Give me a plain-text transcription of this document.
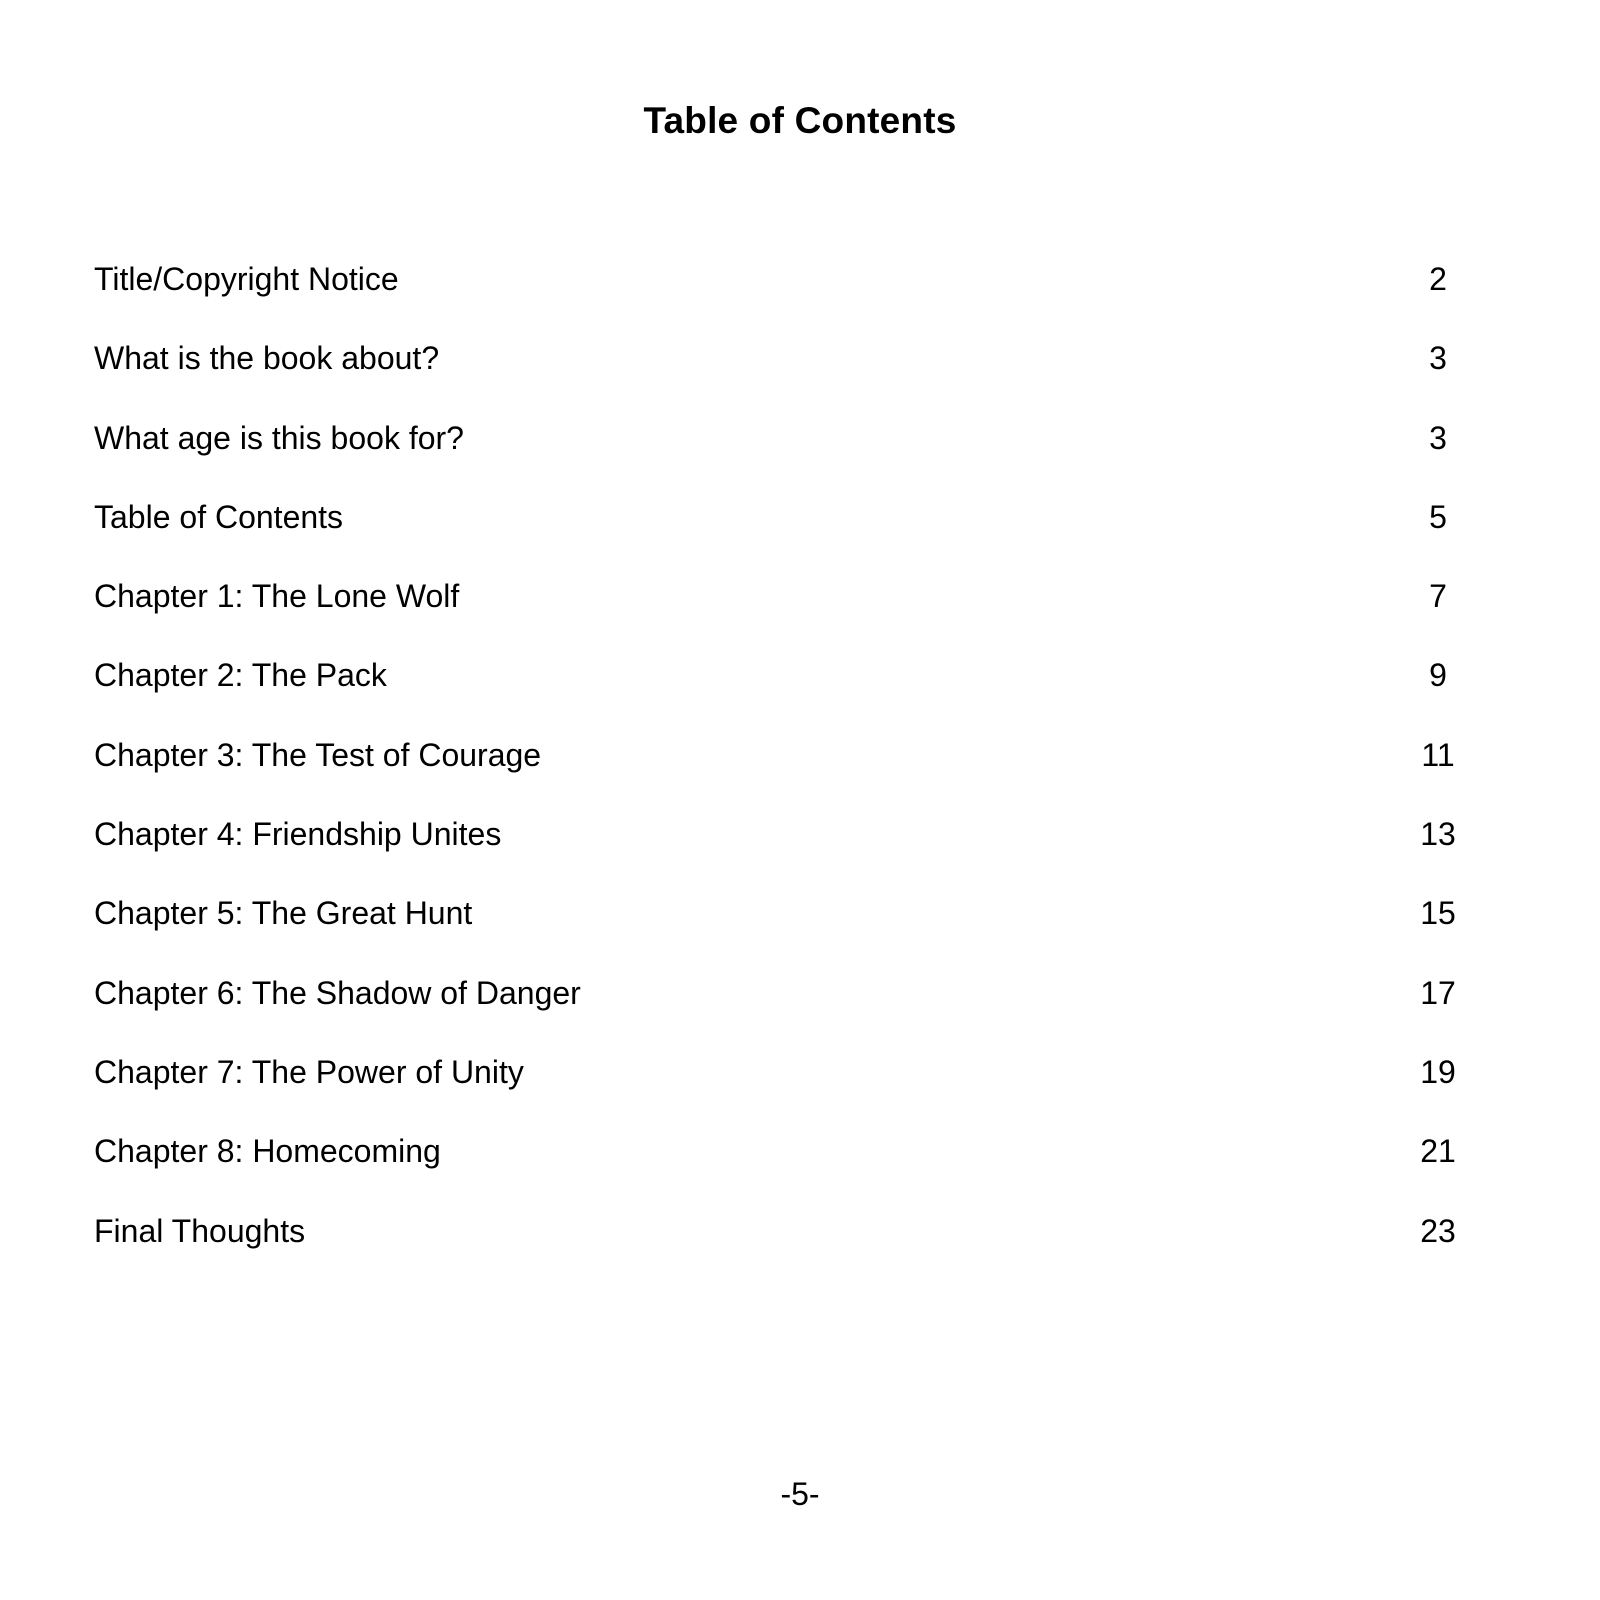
Table of Contents
Title/Copyright Notice	2
What is the book about?	3
What age is this book for?	3
Table of Contents	5
Chapter 1: The Lone Wolf	7
Chapter 2: The Pack	9
Chapter 3: The Test of Courage	11
Chapter 4: Friendship Unites	13
Chapter 5: The Great Hunt	15
Chapter 6: The Shadow of Danger	17
Chapter 7: The Power of Unity	19
Chapter 8: Homecoming	21
Final Thoughts	23
-5-
